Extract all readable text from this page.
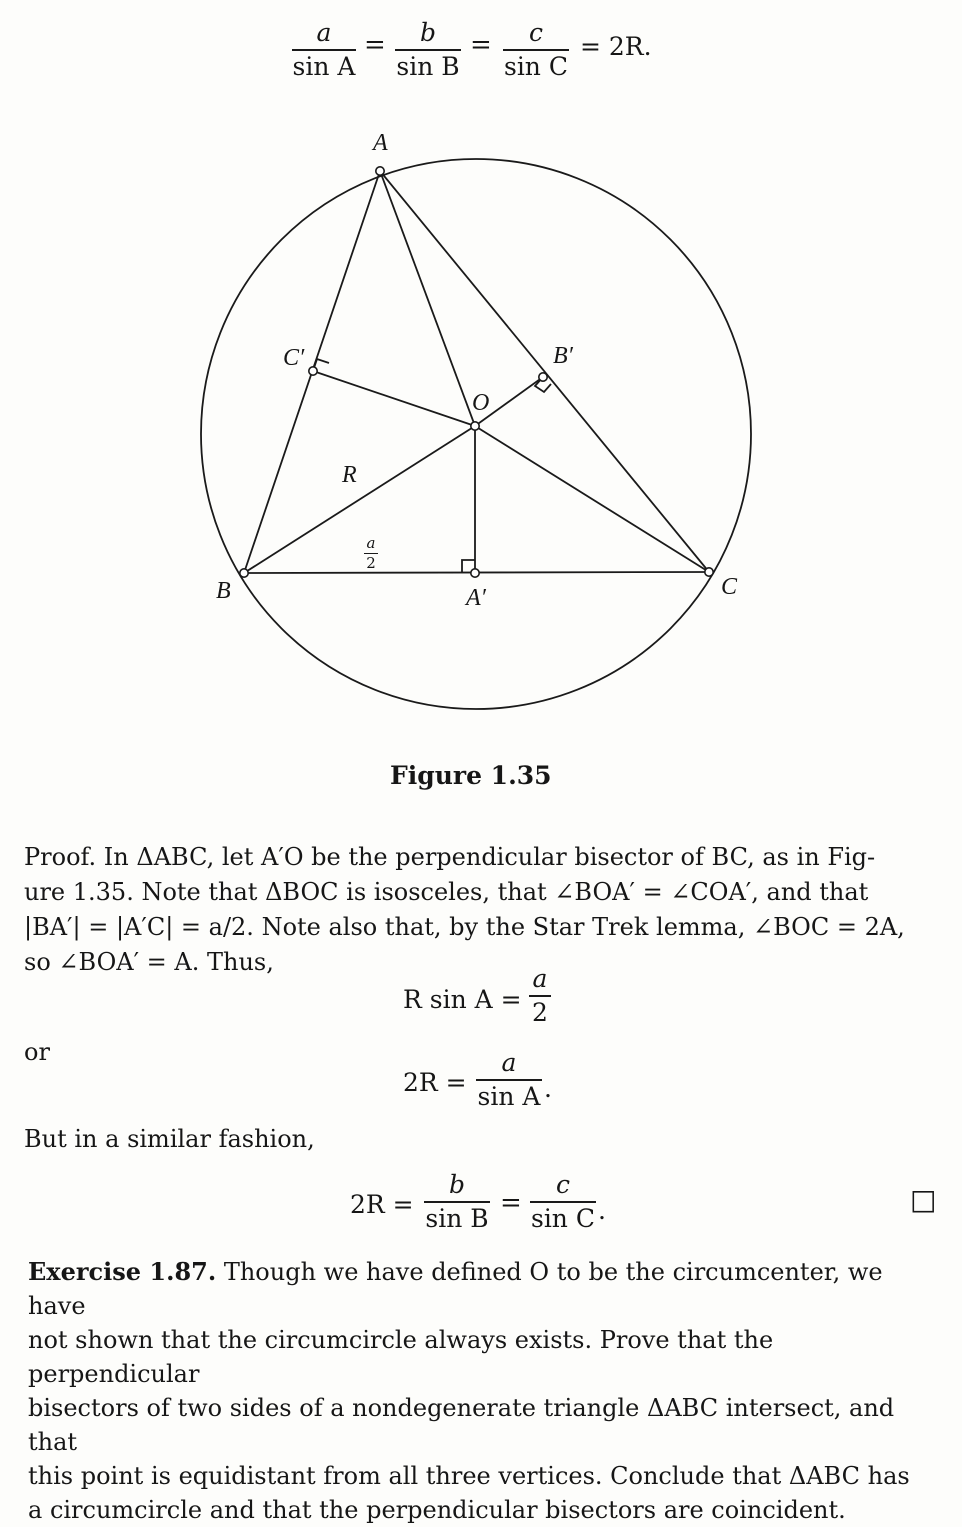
a
sin A
= b
sin B
= c
sin C
= 2R.
A
B	C
O
A′
B′
C′
R
a
2
Figure 1.35
Proof. In ΔABC, let A′O be the perpendicular bisector of BC, as in Fig-
ure 1.35. Note that ΔBOC is isosceles, that ∠BOA′ = ∠COA′, and that
|BA′| = |A′C| = a/2. Note also that, by the Star Trek lemma, ∠BOC = 2A,
so ∠BOA′ = A. Thus,
R sin A =
a
2
or
2R =
a
sin A .
But in a similar fashion,
2R =
b
sin B
=
c
sin C .	□
Exercise 1.87. Though we have defined O to be the circumcenter, we have
not shown that the circumcircle always exists. Prove that the perpendicular
bisectors of two sides of a nondegenerate triangle ΔABC intersect, and that
this point is equidistant from all three vertices. Conclude that ΔABC has
a circumcircle and that the perpendicular bisectors are coincident.
